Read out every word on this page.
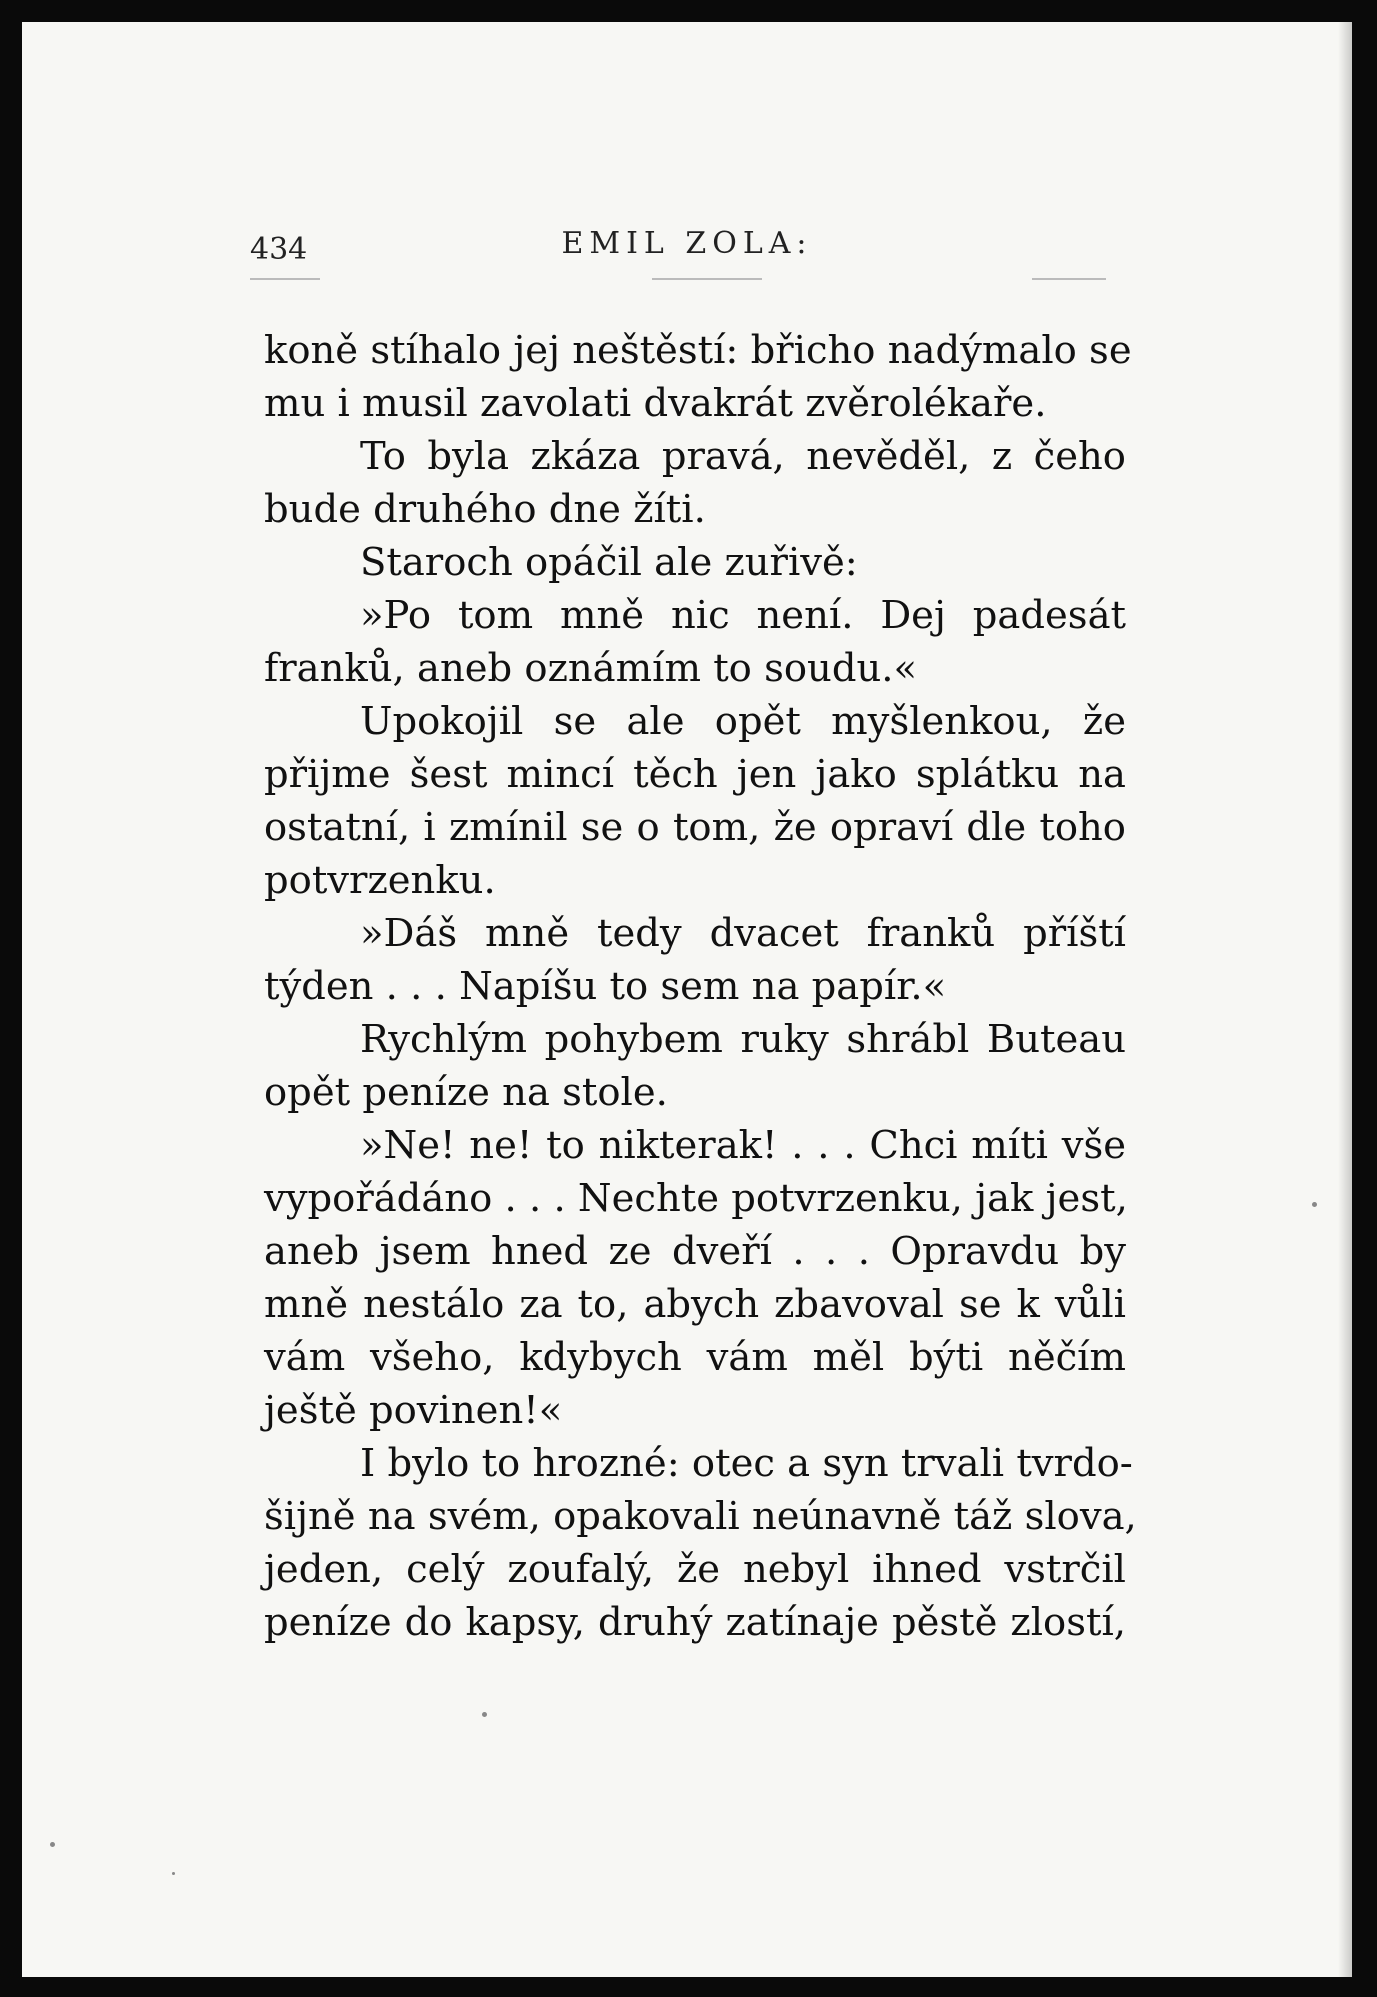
434	EMIL ZOLA:
koně stíhalo jej neštěstí: břicho nadýmalo se
mu i musil zavolati dvakrát zvěrolékaře.
To byla zkáza pravá, nevěděl, z čeho
bude druhého dne žíti.
Staroch opáčil ale zuřivě:
»Po tom mně nic není. Dej padesát
franků, aneb oznámím to soudu.«
Upokojil se ale opět myšlenkou, že
přijme šest mincí těch jen jako splátku na
ostatní, i zmínil se o tom, že opraví dle toho
potvrzenku.
»Dáš mně tedy dvacet franků příští
týden . . . Napíšu to sem na papír.«
Rychlým pohybem ruky shrábl Buteau
opět peníze na stole.
»Ne! ne! to nikterak! . . . Chci míti vše
vypořádáno . . . Nechte potvrzenku, jak jest,
aneb jsem hned ze dveří . . . Opravdu by
mně nestálo za to, abych zbavoval se k vůli
vám všeho, kdybych vám měl býti něčím
ještě povinen!«
I bylo to hrozné: otec a syn trvali tvrdo-
šijně na svém, opakovali neúnavně táž slova,
jeden, celý zoufalý, že nebyl ihned vstrčil
peníze do kapsy, druhý zatínaje pěstě zlostí,
